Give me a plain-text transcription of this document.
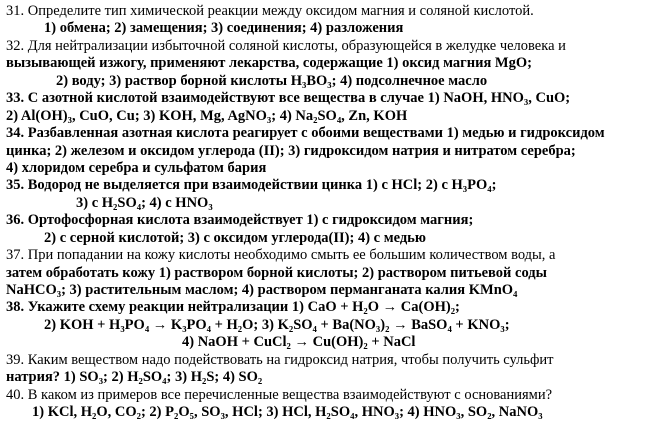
31. Определите тип химической реакции между оксидом магния и соляной кислотой.
1) обмена; 2) замещения; 3) соединения; 4) разложения
32. Для нейтрализации избыточной соляной кислоты, образующейся в желудке человека и
вызывающей изжогу, применяют лекарства, содержащие 1) оксид магния MgO;
2) воду; 3) раствор борной кислоты H₃BO₃; 4) подсолнечное масло
33. С азотной кислотой взаимодействуют все вещества в случае 1) NaOH, HNO₃, CuO;
2) Al(OH)₃, CuO, Cu; 3) KOH, Mg, AgNO₃; 4) Na₂SO₄, Zn, KOH
34. Разбавленная азотная кислота реагирует с обоими веществами 1) медью и гидроксидом
цинка; 2) железом и оксидом углерода (II); 3) гидроксидом натрия и нитратом серебра;
4) хлоридом серебра и сульфатом бария
35. Водород не выделяется при взаимодействии цинка 1) с HCl; 2) с H₃PO₄;
3) с H₂SO₄; 4) с HNO₃
36. Ортофосфорная кислота взаимодействует 1) с гидроксидом магния;
2) с серной кислотой; 3) с оксидом углерода(II); 4) с медью
37. При попадании на кожу кислоты необходимо смыть ее большим количеством воды, а
затем обработать кожу 1) раствором борной кислоты; 2) раствором питьевой соды
NaHCO₃; 3) растительным маслом; 4) раствором перманганата калия KMnO₄
38. Укажите схему реакции нейтрализации 1) CaO + H₂O → Ca(OH)₂;
2) KOH + H₃PO₄ → K₃PO₄ + H₂O; 3) K₂SO₄ + Ba(NO₃)₂ → BaSO₄ + KNO₃;
4) NaOH + CuCl₂ → Cu(OH)₂ + NaCl
39. Каким веществом надо подействовать на гидроксид натрия, чтобы получить сульфит
натрия? 1) SO₃; 2) H₂SO₄; 3) H₂S; 4) SO₂
40. В каком из примеров все перечисленные вещества взаимодействуют с основаниями?
1) KCl, H₂O, CO₂; 2) P₂O₅, SO₃, HCl; 3) HCl, H₂SO₄, HNO₃; 4) HNO₃, SO₂, NaNO₃
